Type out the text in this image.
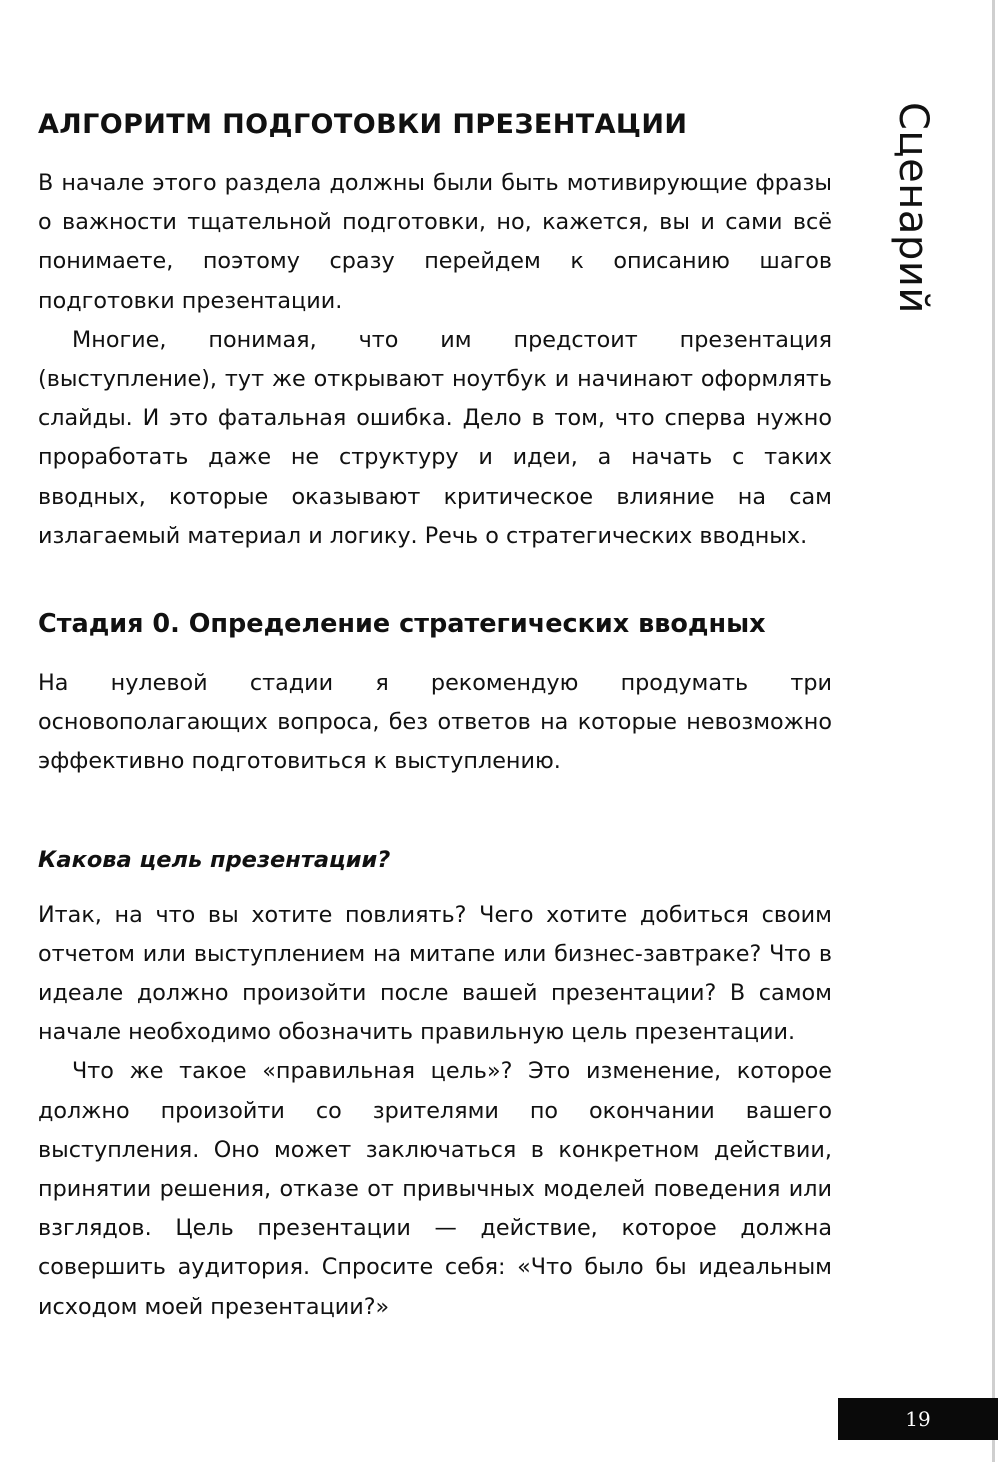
Сценарий
АЛГОРИТМ ПОДГОТОВКИ ПРЕЗЕНТАЦИИ

В начале этого раздела должны были быть мотивирующие фразы о важности тщательной подготовки, но, кажется, вы и сами всё понимаете, поэтому сразу перейдем к описанию шагов подготовки презентации.

Многие, понимая, что им предстоит презентация (выступление), тут же открывают ноутбук и начинают оформлять слайды. И это фатальная ошибка. Дело в том, что сперва нужно проработать даже не структуру и идеи, а начать с таких вводных, которые оказывают критическое влияние на сам излагаемый материал и логику. Речь о стратегических вводных.

Стадия 0. Определение стратегических вводных

На нулевой стадии я рекомендую продумать три основополагающих вопроса, без ответов на которые невозможно эффективно подготовиться к выступлению.

Какова цель презентации?

Итак, на что вы хотите повлиять? Чего хотите добиться своим отчетом или выступлением на митапе или бизнес-завтраке? Что в идеале должно произойти после вашей презентации? В самом начале необходимо обозначить правильную цель презентации.

Что же такое «правильная цель»? Это изменение, которое должно произойти со зрителями по окончании вашего выступления. Оно может заключаться в конкретном действии, принятии решения, отказе от привычных моделей поведения или взглядов. Цель презентации — действие, которое должна совершить аудитория. Спросите себя: «Что было бы идеальным исходом моей презентации?»

19
